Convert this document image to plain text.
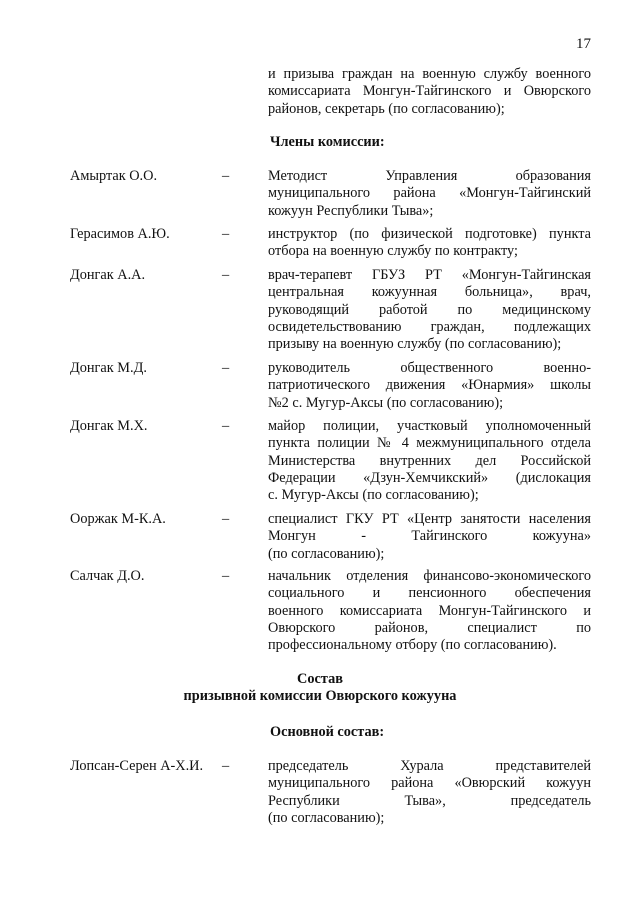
17
и призыва граждан на военную службу военного
комиссариата Монгун-Тайгинского и Овюрского
районов, секретарь (по согласованию);
Члены комиссии:
Амыртак О.О.	–	Методист Управления образования
муниципального района «Монгун-Тайгинский
кожуун Республики Тыва»;
Герасимов А.Ю.	–	инструктор (по физической подготовке) пункта
отбора на военную службу по контракту;
Донгак А.А.	–	врач-терапевт ГБУЗ РТ «Монгун-Тайгинская
центральная кожуунная больница», врач,
руководящий работой по медицинскому
освидетельствованию граждан, подлежащих
призыву на военную службу (по согласованию);
Донгак М.Д.	–	руководитель общественного военно-
патриотического движения «Юнармия» школы
№2 с. Мугур-Аксы (по согласованию);
Донгак М.Х.	–	майор полиции, участковый уполномоченный
пункта полиции № 4 межмуниципального отдела
Министерства внутренних дел Российской
Федерации «Дзун-Хемчикский» (дислокация
с. Мугур-Аксы (по согласованию);
Ооржак М-К.А.	–	специалист ГКУ РТ «Центр занятости населения
Монгун - Тайгинского кожууна»
(по согласованию);
Салчак Д.О.	–	начальник отделения финансово-экономического
социального и пенсионного обеспечения
военного комиссариата Монгун-Тайгинского и
Овюрского районов, специалист по
профессиональному отбору (по согласованию).
Состав
призывной комиссии Овюрского кожууна
Основной состав:
Лопсан-Серен А-Х.И. –	председатель Хурала представителей
муниципального района «Овюрский кожуун
Республики Тыва», председатель
(по согласованию);
